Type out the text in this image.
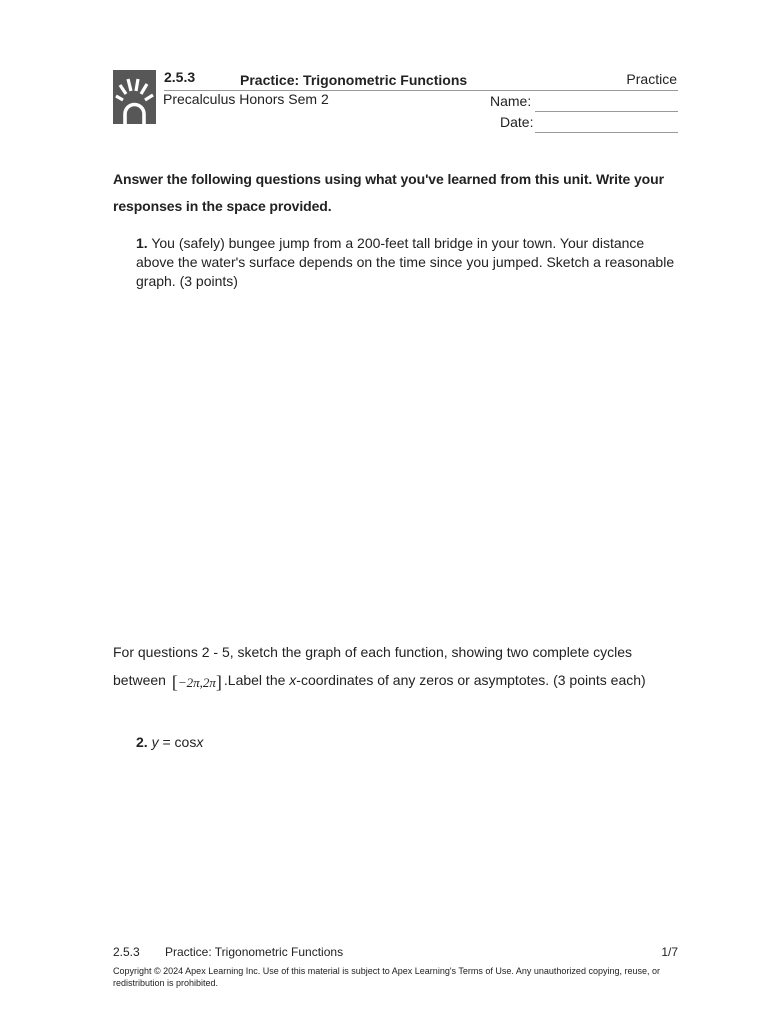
2.5.3	Practice: Trigonometric Functions	Practice
Precalculus Honors Sem 2	Name:
Date:
Answer the following questions using what you've learned from this unit. Write your responses in the space provided.
1. You (safely) bungee jump from a 200-feet tall bridge in your town. Your distance above the water's surface depends on the time since you jumped. Sketch a reasonable graph. (3 points)
For questions 2 - 5, sketch the graph of each function, showing two complete cycles between [−2π,2π] .Label the x-coordinates of any zeros or asymptotes. (3 points each)
2. y = cosx
2.5.3 Practice: Trigonometric Functions	1/7
Copyright © 2024 Apex Learning Inc. Use of this material is subject to Apex Learning's Terms of Use. Any unauthorized copying, reuse, or redistribution is prohibited.
